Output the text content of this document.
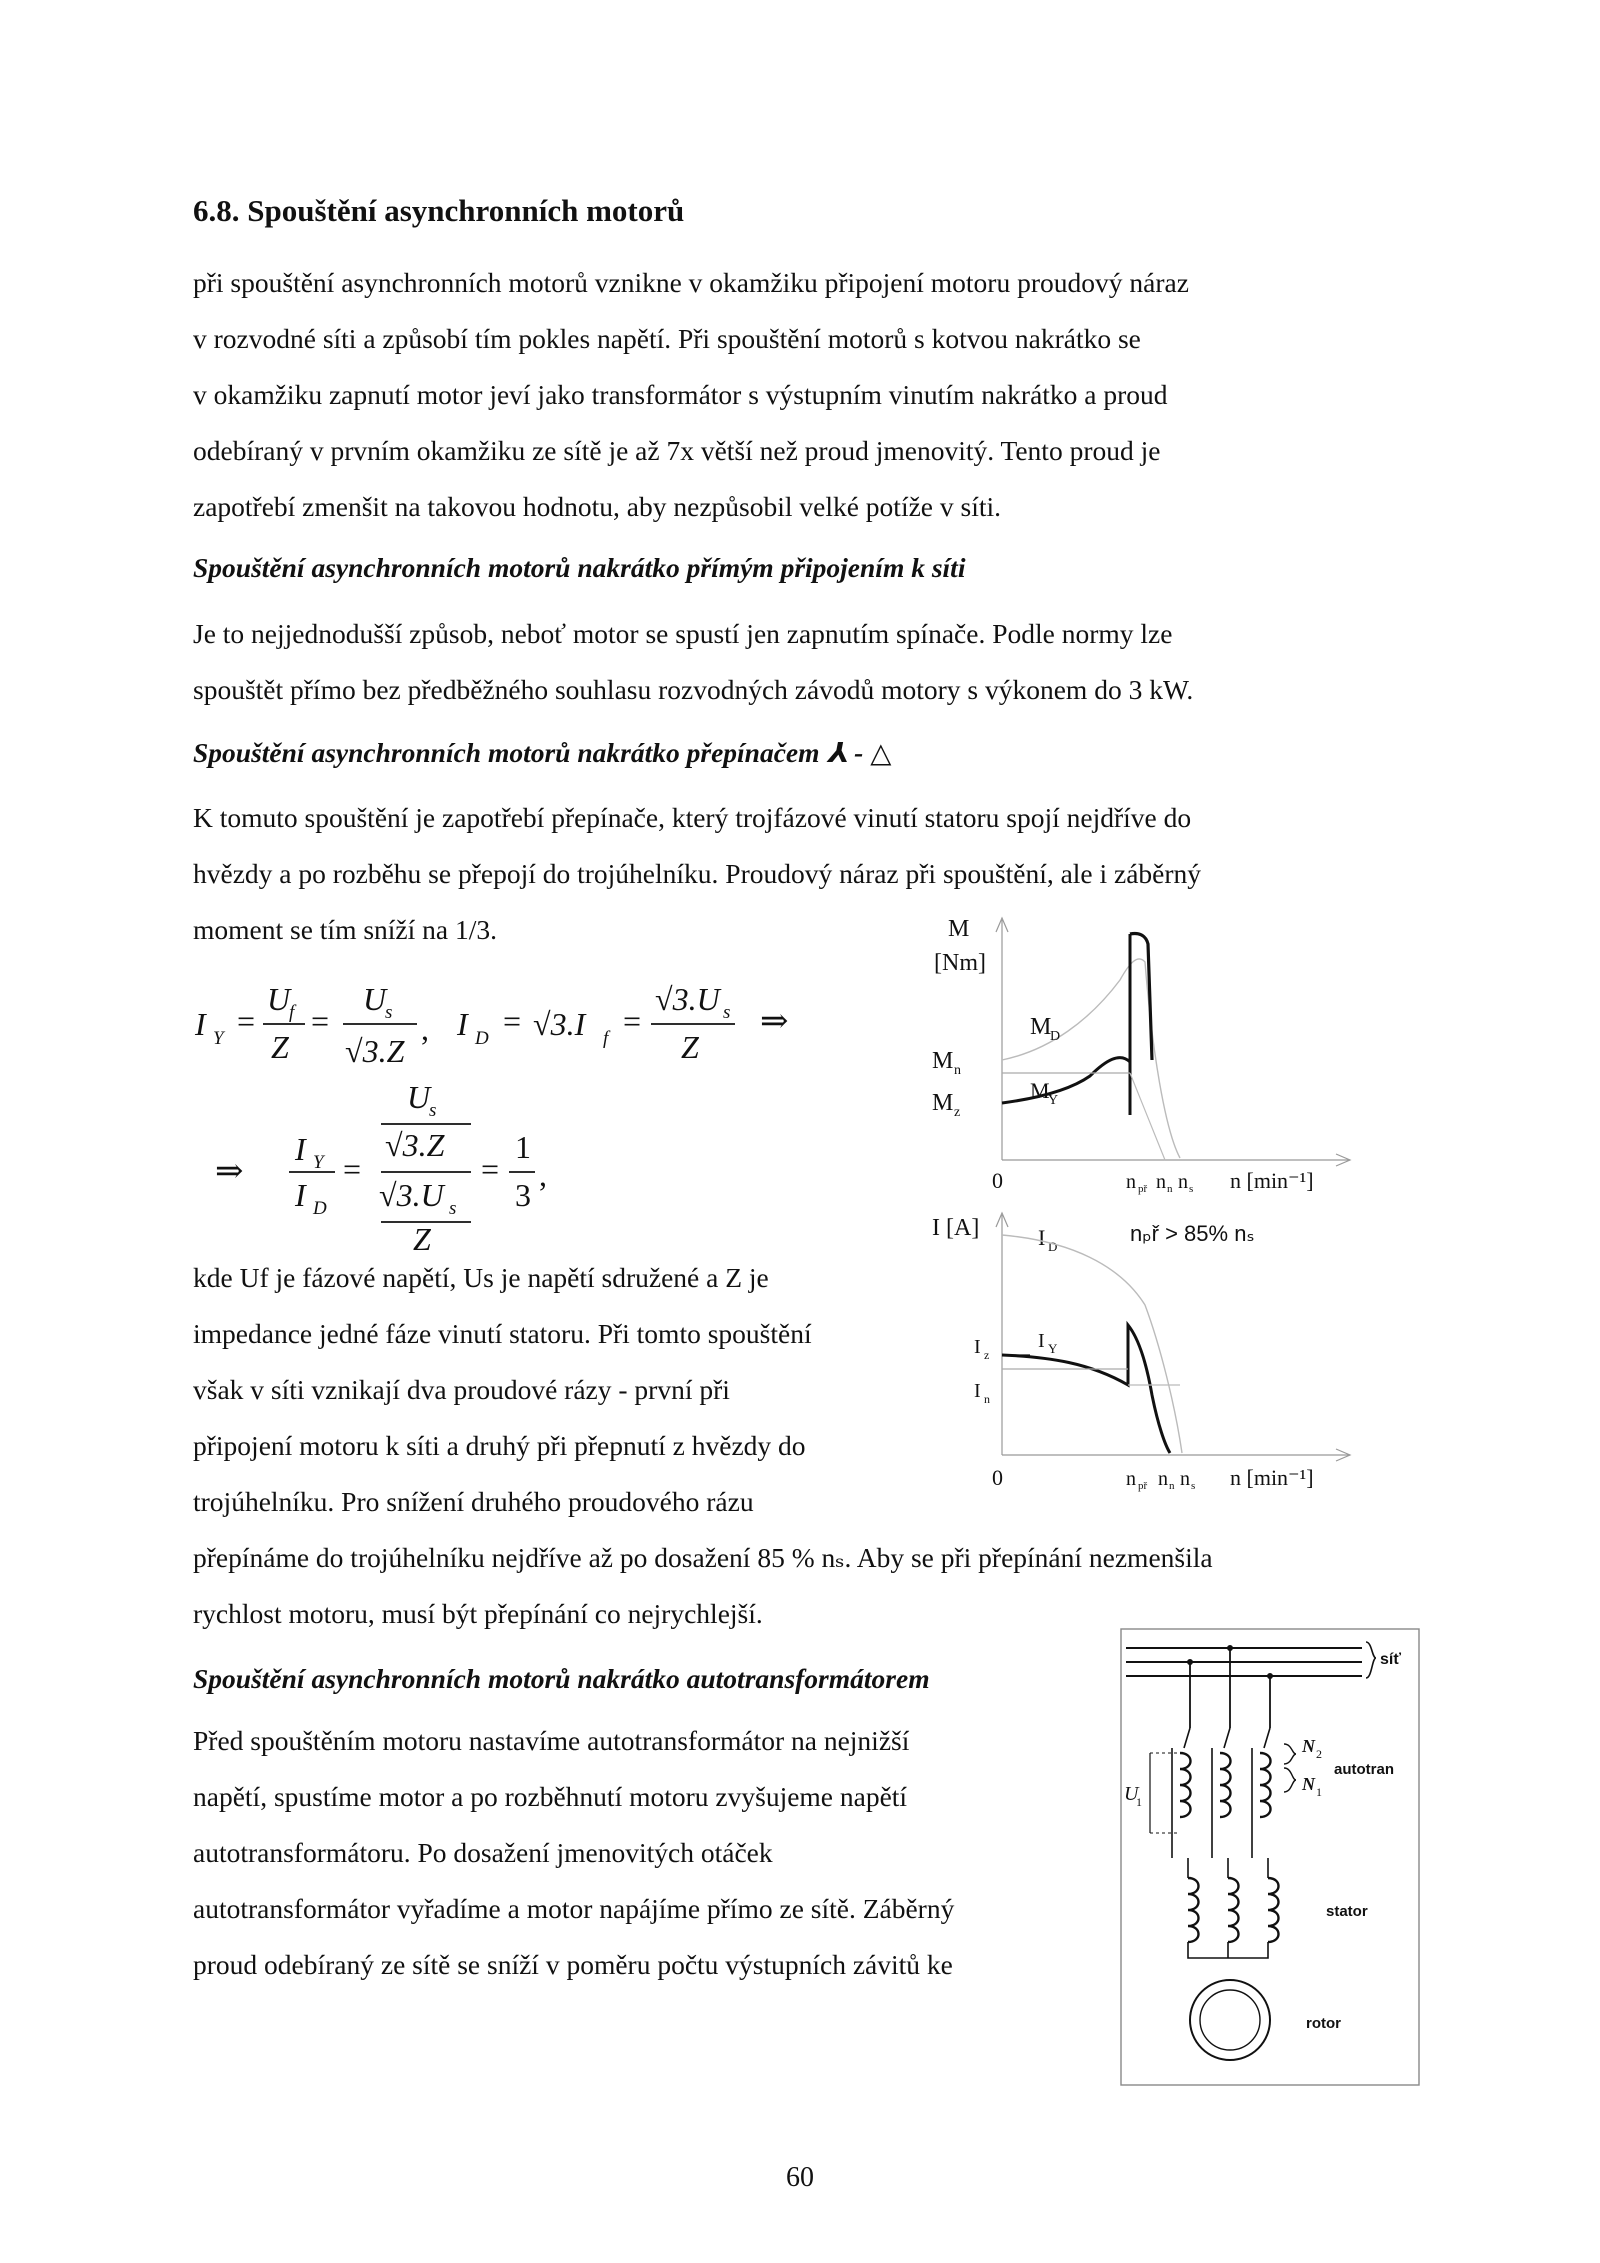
6.8. Spouštění asynchronních motorů

při spouštění asynchronních motorů vznikne v okamžiku připojení motoru proudový náraz

v rozvodné síti a způsobí tím pokles napětí. Při spouštění motorů s kotvou nakrátko se

v okamžiku zapnutí motor jeví jako transformátor s výstupním vinutím nakrátko a proud

odebíraný v prvním okamžiku ze sítě je až 7x větší než proud jmenovitý. Tento proud je

zapotřebí zmenšit na takovou hodnotu, aby nezpůsobil velké potíže v síti.

Spouštění asynchronních motorů nakrátko přímým připojením k síti

Je to nejjednodušší způsob, neboť motor se spustí jen zapnutím spínače. Podle normy lze

spouštět přímo bez předběžného souhlasu rozvodných závodů motory s výkonem do 3 kW.

Spouštění asynchronních motorů nakrátko přepínačem ⅄ - △

K tomuto spouštění je zapotřebí přepínače, který trojfázové vinutí statoru spojí nejdříve do

hvězdy a po rozběhu se přepojí do trojúhelníku. Proudový náraz při spouštění, ale i záběrný

moment se tím sníží na 1/3.

I Y =
U
f
Z
=
U
s
√3.Z
, I D = √3.I f =
√3.U s
Z
U
s
⇒
I Y
I D
=
√3.Z
√3.U s
Z
=
1
3
,
⇒
M
[Nm]
M n
M z
M
D
M
Y
0	n př n n n s n [min⁻¹]
I [A]	I D
nₚř > 85% nₛ
I z
I n
I Y
0	n př n n n s n [min⁻¹]

kde Uf je fázové napětí, Us je napětí sdružené a Z je

impedance jedné fáze vinutí statoru. Při tomto spouštění

však v síti vznikají dva proudové rázy - první při

připojení motoru k síti a druhý při přepnutí z hvězdy do

trojúhelníku. Pro snížení druhého proudového rázu

přepínáme do trojúhelníku nejdříve až po dosažení 85 % nₛ. Aby se při přepínání nezmenšila

rychlost motoru, musí být přepínání co nejrychlejší.

Spouštění asynchronních motorů nakrátko autotransformátorem

Před spouštěním motoru nastavíme autotransformátor na nejnižší

napětí, spustíme motor a po rozběhnutí motoru zvyšujeme napětí

autotransformátoru. Po dosažení jmenovitých otáček

autotransformátor vyřadíme a motor napájíme přímo ze sítě. Záběrný

proud odebíraný ze sítě se sníží v poměru počtu výstupních závitů ke

síť
U
1
N 2
autotran
N 1
stator
rotor

60
